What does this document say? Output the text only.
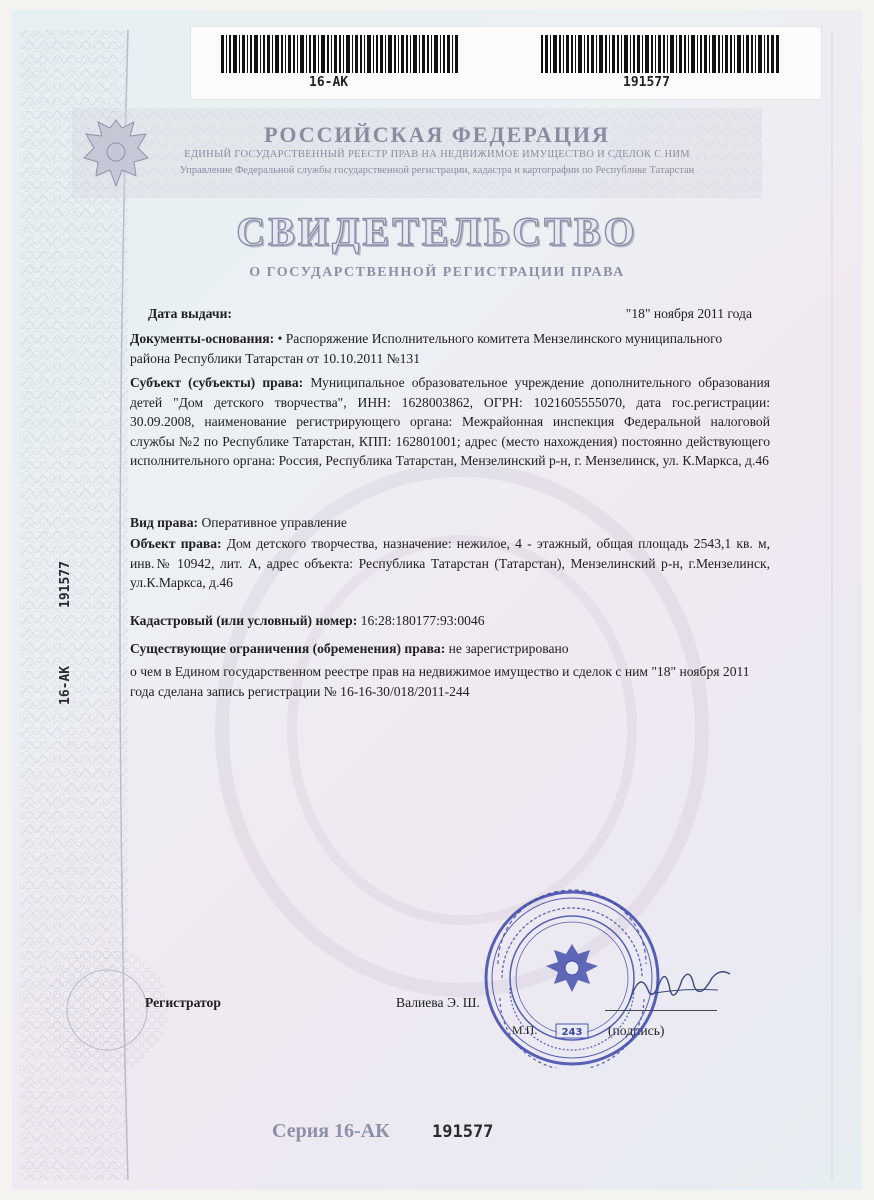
16-АК	191577
РОССИЙСКАЯ ФЕДЕРАЦИЯ
ЕДИНЫЙ ГОСУДАРСТВЕННЫЙ РЕЕСТР ПРАВ НА НЕДВИЖИМОЕ ИМУЩЕСТВО И СДЕЛОК С НИМ
Управление Федеральной службы государственной регистрации, кадастра и картографии по Республике Татарстан
СВИДЕТЕЛЬСТВО
О ГОСУДАРСТВЕННОЙ РЕГИСТРАЦИИ ПРАВА
16-АК
191577
Дата выдачи:	"18" ноября 2011 года
Документы-основания: • Распоряжение Исполнительного комитета Мензелинского муниципального района Республики Татарстан от 10.10.2011 №131
Субъект (субъекты) права: Муниципальное образовательное учреждение дополнительного образования детей "Дом детского творчества", ИНН: 1628003862, ОГРН: 1021605555070, дата гос.регистрации: 30.09.2008, наименование регистрирующего органа: Межрайонная инспекция Федеральной налоговой службы №2 по Республике Татарстан, КПП: 162801001; адрес (место нахождения) постоянно действующего исполнительного органа: Россия, Республика Татарстан, Мензелинский р-н, г. Мензелинск, ул. К.Маркса, д.46
Вид права: Оперативное управление
Объект права: Дом детского творчества, назначение: нежилое, 4 - этажный, общая площадь 2543,1 кв. м, инв.№ 10942, лит. А, адрес объекта: Республика Татарстан (Татарстан), Мензелинский р-н, г.Мензелинск, ул.К.Маркса, д.46
Кадастровый (или условный) номер: 16:28:180177:93:0046
Существующие ограничения (обременения) права: не зарегистрировано
о чем в Едином государственном реестре прав на недвижимое имущество и сделок с ним "18" ноября 2011 года сделана запись регистрации № 16-16-30/018/2011-244
Регистратор	Валиева Э. Ш.
М.П.	(подпись)
243
Серия 16-АК 191577
